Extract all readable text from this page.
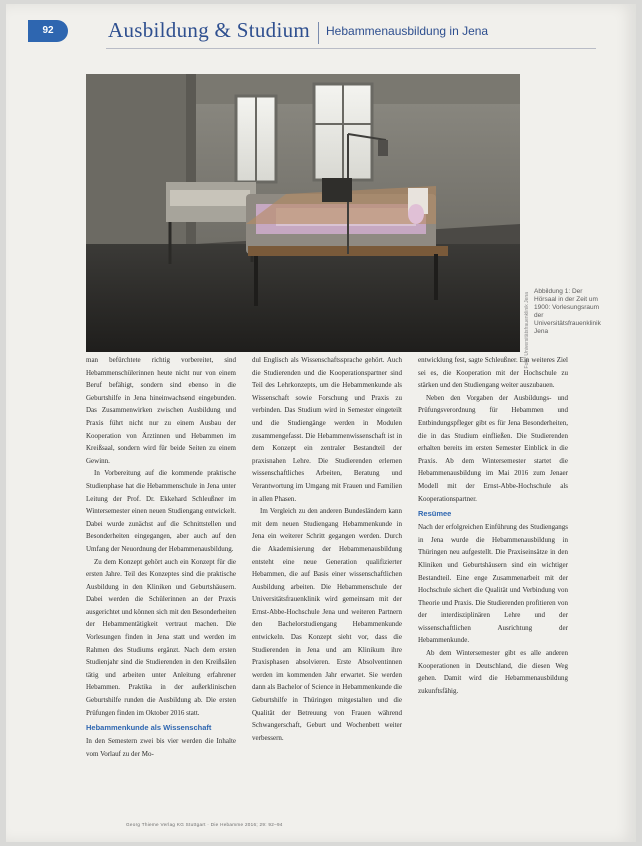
92	Ausbildung & Studium Hebammenausbildung in Jena
Foto: Universitätsfrauenklinik Jena
Abbildung 1: Der Hörsaal in der Zeit um 1900: Vorlesungsraum der Universitätsfrauenklinik Jena

man befürchtete richtig vorbereitet, sind Hebammenschülerinnen heute nicht nur von einem Beruf befähigt, sondern sind ebenso in die Geburtshilfe in Jena hineinwachsend eingebunden. Das Zusammenwirken zwischen Ausbildung und Praxis führt nicht nur zu einem Ausbau der Kooperation von Ärztinnen und Hebammen im Kreißsaal, sondern wird für beide Seiten zu einem Gewinn.

In Vorbereitung auf die kommende praktische Studienphase hat die Hebammenschule in Jena unter Leitung der Prof. Dr. Ekkehard Schleußner im Wintersemester einen neuen Studiengang entwickelt. Dabei wurde zunächst auf die Schnittstellen und Besonderheiten eingegangen, aber auch auf den Umfang der Neuordnung der Hebammenausbildung.

Zu dem Konzept gehört auch ein Konzept für die ersten Jahre. Teil des Konzeptes sind die praktische Ausbildung in den Kliniken und Geburtshäusern. Dabei werden die Schülerinnen an der Praxis ausgerichtet und können sich mit den Besonderheiten der Hebammentätigkeit vertraut machen. Die Vorlesungen finden in Jena statt und werden im Rahmen des Studiums ergänzt. Nach dem ersten Studienjahr sind die Studierenden in den Kreißsälen tätig und arbeiten unter Anleitung erfahrener Hebammen. Praktika in der außerklinischen Geburtshilfe runden die Ausbildung ab. Die ersten Prüfungen finden im Oktober 2016 statt.

Hebammenkunde als Wissenschaft

In den Semestern zwei bis vier werden die Inhalte vom Vorlauf zu der Mo-

dul Englisch als Wissenschaftssprache gehört. Auch die Studierenden und die Kooperationspartner sind Teil des Lehrkonzepts, um die Hebammenkunde als Wissenschaft sowie Forschung und Praxis zu verbinden. Das Studium wird in Semester eingeteilt und die Studiengänge werden in Modulen zusammengefasst. Die Hebammenwissenschaft ist in dem Konzept ein zentraler Bestandteil der praxisnahen Lehre. Die Studierenden erlernen wissenschaftliches Arbeiten, Beratung und Verantwortung im Umgang mit Frauen und Familien in allen Phasen.

Im Vergleich zu den anderen Bundesländern kann mit dem neuen Studiengang Hebammenkunde in Jena ein weiterer Schritt gegangen werden. Durch die Akademisierung der Hebammenausbildung entsteht eine neue Generation qualifizierter Hebammen, die auf Basis einer wissenschaftlichen Ausbildung arbeiten. Die Hebammenschule der Universitätsfrauenklinik wird gemeinsam mit der Ernst-Abbe-Hochschule Jena und weiteren Partnern den Bachelorstudiengang Hebammenkunde entwickeln. Das Konzept sieht vor, dass die Studierenden in Jena und am Klinikum ihre Praxisphasen absolvieren. Erste Absolventinnen werden im kommenden Jahr erwartet. Sie werden dann als Bachelor of Science in Hebammenkunde die Geburtshilfe in Thüringen mitgestalten und die Qualität der Betreuung von Frauen während Schwangerschaft, Geburt und Wochenbett weiter verbessern.

entwicklung fest, sagte Schleußner. Ein weiteres Ziel sei es, die Kooperation mit der Hochschule zu stärken und den Studiengang weiter auszubauen.

Neben den Vorgaben der Ausbildungs- und Prüfungsverordnung für Hebammen und Entbindungspfleger gibt es für Jena Besonderheiten, die in das Studium einfließen. Die Studierenden erhalten bereits im ersten Semester Einblick in die Praxis. Ab dem Wintersemester startet die Hebammenausbildung im Mai 2016 zum Jenaer Modell mit der Ernst-Abbe-Hochschule als Kooperationspartner.

Resümee

Nach der erfolgreichen Einführung des Studiengangs in Jena wurde die Hebammenausbildung in Thüringen neu aufgestellt. Die Praxiseinsätze in den Kliniken und Geburtshäusern sind ein wichtiger Bestandteil. Eine enge Zusammenarbeit mit der Hochschule sichert die Qualität und Verbindung von Theorie und Praxis. Die Studierenden profitieren von der interdisziplinären Lehre und der wissenschaftlichen Ausrichtung der Hebammenkunde.

Ab dem Wintersemester gibt es alle anderen Kooperationen in Deutschland, die diesen Weg gehen. Damit wird die Hebammenausbildung zukunftsfähig.

Georg Thieme Verlag KG Stuttgart · Die Hebamme 2016; 29: 92–94
